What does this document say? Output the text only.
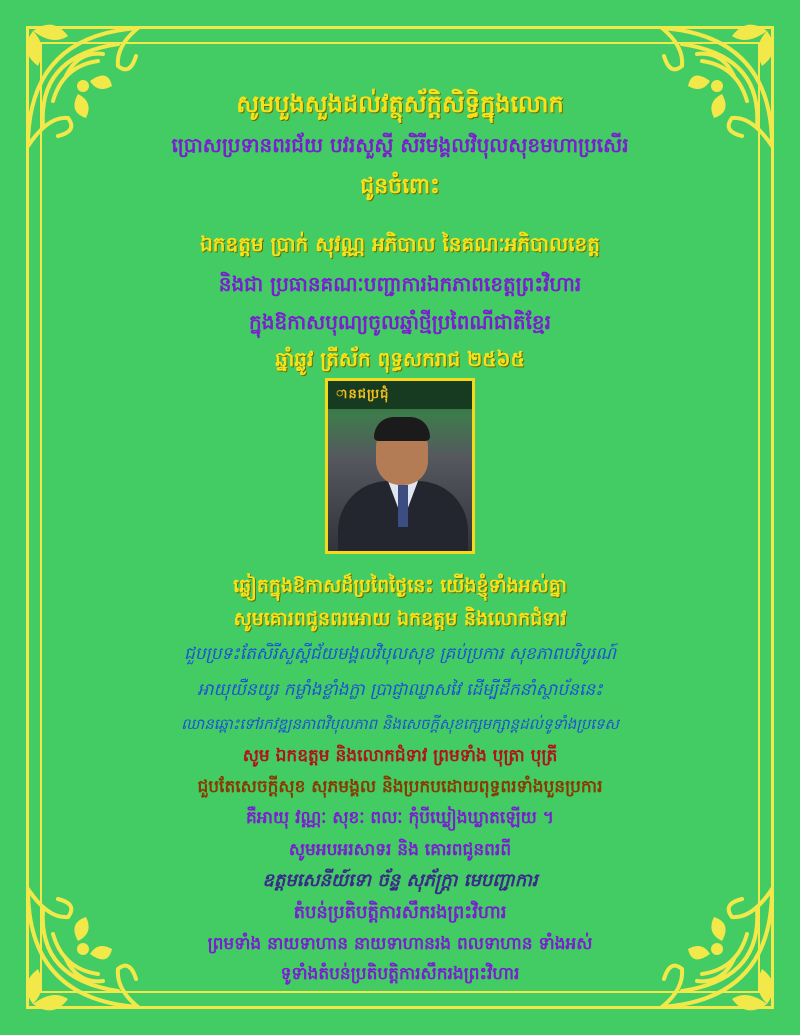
សូមបួងសួងដល់វត្ថុស័ក្តិសិទ្ធិក្នុងលោក
ប្រោសប្រទានពរជ័យ បវរសួស្តី សិរីមង្គលវិបុលសុខមហាប្រសើរ
ជូនចំពោះ
ឯកឧត្តម ប្រាក់ សុវណ្ណ អភិបាល នៃគណៈអភិបាលខេត្ត
និងជា ប្រធានគណៈបញ្ជាការឯកភាពខេត្តព្រះវិហារ
ក្នុងឱកាសបុណ្យចូលឆ្នាំថ្មីប្រពៃណីជាតិខ្មែរ
ឆ្នាំឆ្លូវ ត្រីស័ក ពុទ្ធសករាជ ២៥៦៥
ានជប្រជុំ
ឆ្លៀតក្នុងឱកាសដ៏ប្រពៃថ្ងៃនេះ យើងខ្ញុំទាំងអស់គ្នា
សូមគោរពជូនពរអោយ ឯកឧត្តម និងលោកជំទាវ
ជួបប្រទះតែសិរីសួស្តីជ័យមង្គលវិបុលសុខ គ្រប់ប្រការ សុខភាពបរិបូរណ៍
អាយុយឺនយូរ កម្លាំងខ្លាំងក្លា ប្រាជ្ញាឈ្លាសវៃ ដើម្បីដឹកនាំស្ថាប័ននេះ
ឈានឆ្ពោះទៅរកវឌ្ឍនភាពវិបុលភាព និងសេចក្តីសុខក្សេមក្សាន្តដល់ទូទាំងប្រទេស
សូម ឯកឧត្តម និងលោកជំទាវ ព្រមទាំង បុត្រា បុត្រី
ជួបតែសេចក្តីសុខ សុភមង្គល និងប្រកបដោយពុទ្ធពរទាំងបួនប្រការ
គឺអាយុ វណ្ណៈ សុខៈ ពលៈ កុំបីឃ្លៀងឃ្លាតឡើយ ។
សូមអបអរសាទរ និង គោរពជូនពរពី
ឧត្តមសេនីយ៍ទោ ច័ន្ទ សុភ័ក្ត្រា មេបញ្ជាការ
តំបន់ប្រតិបត្តិការសឹករងព្រះវិហារ
ព្រមទាំង នាយទាហាន នាយទាហានរង ពលទាហាន ទាំងអស់
ទូទាំងតំបន់ប្រតិបត្តិការសឹករងព្រះវិហារ
